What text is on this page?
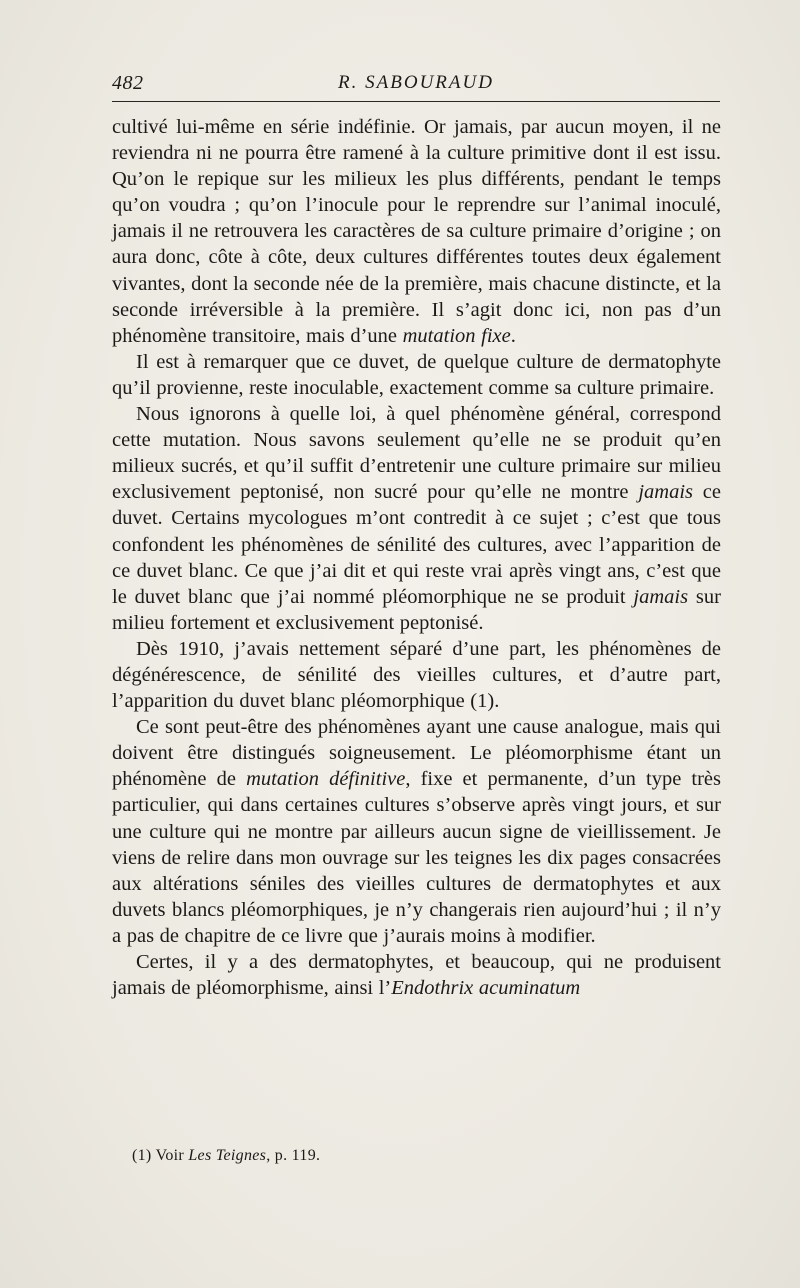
482	R. SABOURAUD

cultivé lui-même en série indéfinie. Or jamais, par aucun moyen, il ne reviendra ni ne pourra être ramené à la culture primitive dont il est issu. Qu’on le repique sur les milieux les plus différents, pendant le temps qu’on voudra ; qu’on l’inocule pour le reprendre sur l’animal inoculé, jamais il ne retrouvera les caractères de sa culture primaire d’origine ; on aura donc, côte à côte, deux cultures différentes toutes deux également vivantes, dont la seconde née de la première, mais chacune distincte, et la seconde irréversible à la première. Il s’agit donc ici, non pas d’un phénomène transitoire, mais d’une mutation fixe.

Il est à remarquer que ce duvet, de quelque culture de dermatophyte qu’il provienne, reste inoculable, exactement comme sa culture primaire.

Nous ignorons à quelle loi, à quel phénomène général, correspond cette mutation. Nous savons seulement qu’elle ne se produit qu’en milieux sucrés, et qu’il suffit d’entretenir une culture primaire sur milieu exclusivement peptonisé, non sucré pour qu’elle ne montre jamais ce duvet. Certains mycologues m’ont contredit à ce sujet ; c’est que tous confondent les phénomènes de sénilité des cultures, avec l’apparition de ce duvet blanc. Ce que j’ai dit et qui reste vrai après vingt ans, c’est que le duvet blanc que j’ai nommé pléomorphique ne se produit jamais sur milieu fortement et exclusivement peptonisé.

Dès 1910, j’avais nettement séparé d’une part, les phénomènes de dégénérescence, de sénilité des vieilles cultures, et d’autre part, l’apparition du duvet blanc pléomorphique (1).

Ce sont peut-être des phénomènes ayant une cause analogue, mais qui doivent être distingués soigneusement. Le pléomorphisme étant un phénomène de mutation définitive, fixe et permanente, d’un type très particulier, qui dans certaines cultures s’observe après vingt jours, et sur une culture qui ne montre par ailleurs aucun signe de vieillissement. Je viens de relire dans mon ouvrage sur les teignes les dix pages consacrées aux altérations séniles des vieilles cultures de dermatophytes et aux duvets blancs pléomorphiques, je n’y changerais rien aujourd’hui ; il n’y a pas de chapitre de ce livre que j’aurais moins à modifier.

Certes, il y a des dermatophytes, et beaucoup, qui ne produisent jamais de pléomorphisme, ainsi l’Endothrix acuminatum

(1) Voir Les Teignes, p. 119.
